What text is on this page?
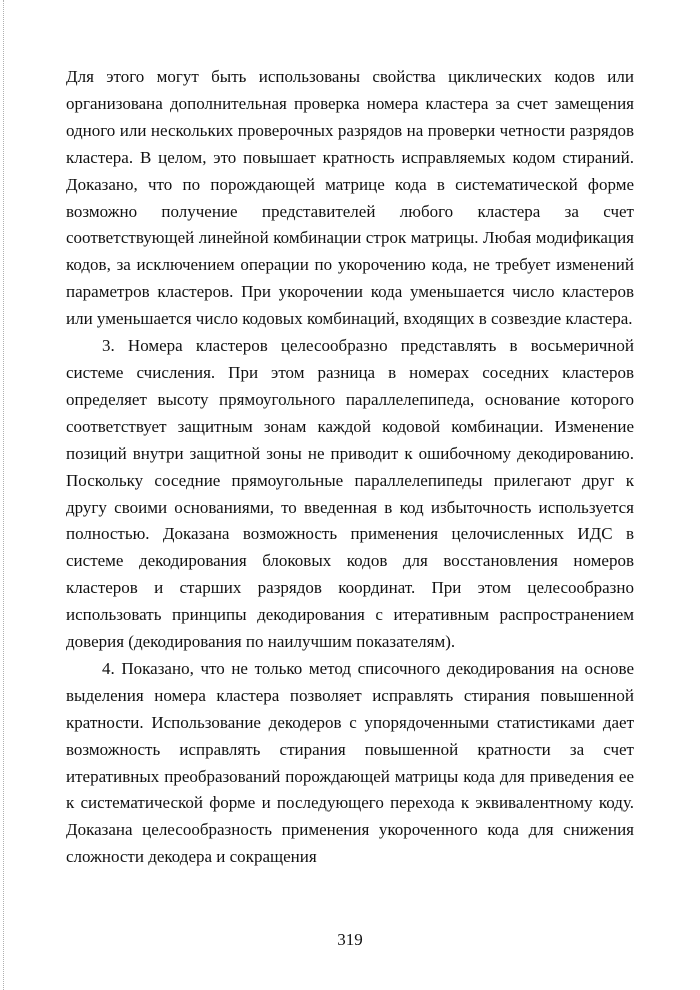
Для этого могут быть использованы свойства циклических кодов или организована дополнительная проверка номера кластера за счет замещения одного или нескольких проверочных разрядов на проверки четности разрядов кластера. В целом, это повышает кратность исправляемых кодом стираний. Доказано, что по порождающей матрице кода в систематической форме возможно получение представителей любого кластера за счет соответствующей линейной комбинации строк матрицы. Любая модификация кодов, за исключением операции по укорочению кода, не требует изменений параметров кластеров. При укорочении кода уменьшается число кластеров или уменьшается число кодовых комбинаций, входящих в созвездие кластера.

3. Номера кластеров целесообразно представлять в восьмеричной системе счисления. При этом разница в номерах соседних кластеров определяет высоту прямоугольного параллелепипеда, основание которого соответствует защитным зонам каждой кодовой комбинации. Изменение позиций внутри защитной зоны не приводит к ошибочному декодированию. Поскольку соседние прямоугольные параллелепипеды прилегают друг к другу своими основаниями, то введенная в код избыточность используется полностью. Доказана возможность применения целочисленных ИДС в системе декодирования блоковых кодов для восстановления номеров кластеров и старших разрядов координат. При этом целесообразно использовать принципы декодирования с итеративным распространением доверия (декодирования по наилучшим показателям).

4. Показано, что не только метод списочного декодирования на основе выделения номера кластера позволяет исправлять стирания повышенной кратности. Использование декодеров с упорядоченными статистиками дает возможность исправлять стирания повышенной кратности за счет итеративных преобразований порождающей матрицы кода для приведения ее к систематической форме и последующего перехода к эквивалентному коду. Доказана целесообразность применения укороченного кода для снижения сложности декодера и сокращения

319
